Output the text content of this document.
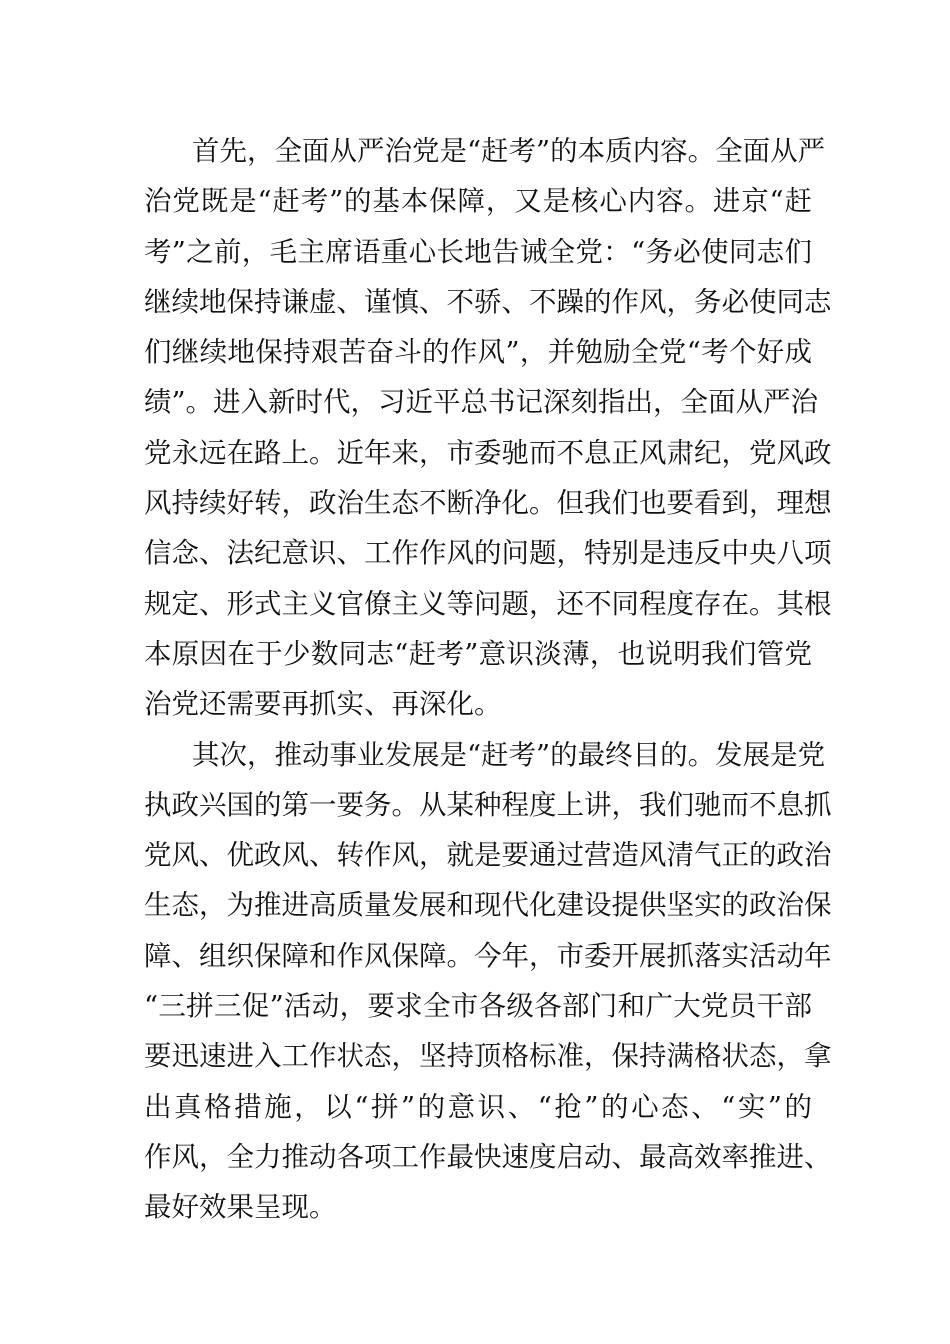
首先，全面从严治党是“赶考”的本质内容。全面从严
治党既是“赶考”的基本保障，又是核心内容。进京“赶
考”之前，毛主席语重心长地告诫全党：“务必使同志们
继续地保持谦虚、谨慎、不骄、不躁的作风，务必使同志
们继续地保持艰苦奋斗的作风”，并勉励全党“考个好成
绩”。进入新时代，习近平总书记深刻指出，全面从严治
党永远在路上。近年来，市委驰而不息正风肃纪，党风政
风持续好转，政治生态不断净化。但我们也要看到，理想
信念、法纪意识、工作作风的问题，特别是违反中央八项
规定、形式主义官僚主义等问题，还不同程度存在。其根
本原因在于少数同志“赶考”意识淡薄，也说明我们管党
治党还需要再抓实、再深化。
其次，推动事业发展是“赶考”的最终目的。发展是党
执政兴国的第一要务。从某种程度上讲，我们驰而不息抓
党风、优政风、转作风，就是要通过营造风清气正的政治
生态，为推进高质量发展和现代化建设提供坚实的政治保
障、组织保障和作风保障。今年，市委开展抓落实活动年
“三拼三促”活动，要求全市各级各部门和广大党员干部
要迅速进入工作状态，坚持顶格标准，保持满格状态，拿
出真格措施，以“拼”的意识、“抢”的心态、“实”的
作风，全力推动各项工作最快速度启动、最高效率推进、
最好效果呈现。
